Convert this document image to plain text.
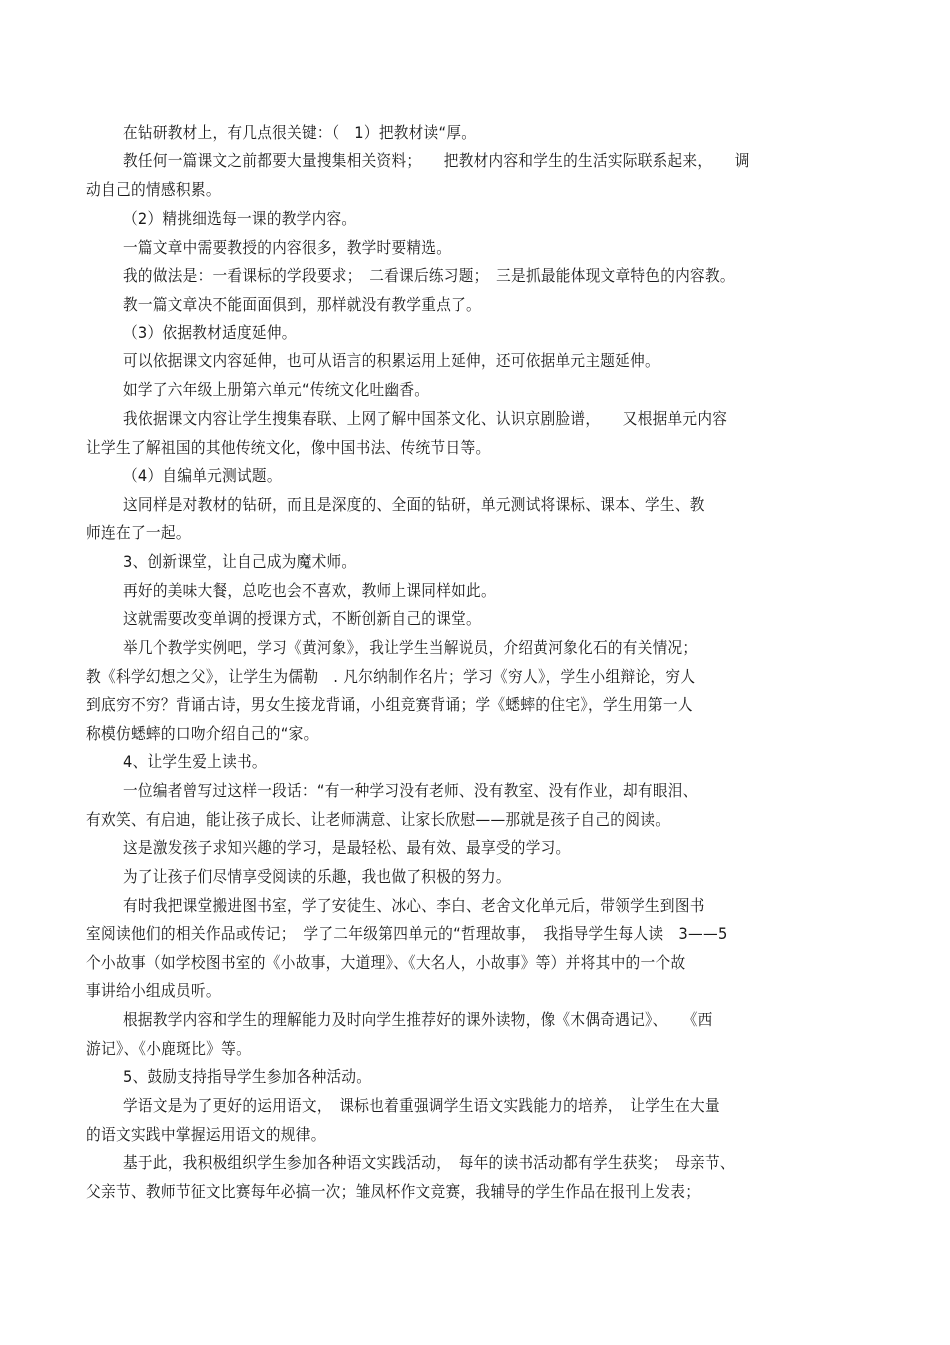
在钻研教材上，有几点很关键：（　1）把教材读“厚。
教任何一篇课文之前都要大量搜集相关资料；　　把教材内容和学生的生活实际联系起来，　　调
动自己的情感积累。
（2）精挑细选每一课的教学内容。
一篇文章中需要教授的内容很多，教学时要精选。
我的做法是：一看课标的学段要求；　二看课后练习题；　三是抓最能体现文章特色的内容教。
教一篇文章决不能面面俱到，那样就没有教学重点了。
（3）依据教材适度延伸。
可以依据课文内容延伸，也可从语言的积累运用上延伸，还可依据单元主题延伸。
如学了六年级上册第六单元“传统文化吐幽香。
我依据课文内容让学生搜集春联、上网了解中国茶文化、认识京剧脸谱，　　又根据单元内容
让学生了解祖国的其他传统文化，像中国书法、传统节日等。
（4）自编单元测试题。
这同样是对教材的钻研，而且是深度的、全面的钻研，单元测试将课标、课本、学生、教
师连在了一起。
3、创新课堂，让自己成为魔术师。
再好的美味大餐，总吃也会不喜欢，教师上课同样如此。
这就需要改变单调的授课方式，不断创新自己的课堂。
举几个教学实例吧，学习《黄河象》，我让学生当解说员，介绍黄河象化石的有关情况；
教《科学幻想之父》，让学生为儒勒　. 凡尔纳制作名片；学习《穷人》，学生小组辩论，穷人
到底穷不穷？背诵古诗，男女生接龙背诵，小组竞赛背诵；学《蟋蟀的住宅》，学生用第一人
称模仿蟋蟀的口吻介绍自己的“家。
4、让学生爱上读书。
一位编者曾写过这样一段话：“有一种学习没有老师、没有教室、没有作业，却有眼泪、
有欢笑、有启迪，能让孩子成长、让老师满意、让家长欣慰——那就是孩子自己的阅读。
这是激发孩子求知兴趣的学习，是最轻松、最有效、最享受的学习。
为了让孩子们尽情享受阅读的乐趣，我也做了积极的努力。
有时我把课堂搬进图书室，学了安徒生、冰心、李白、老舍文化单元后，带领学生到图书
室阅读他们的相关作品或传记；　学了二年级第四单元的“哲理故事，　我指导学生每人读　3——5
个小故事（如学校图书室的《小故事，大道理》、《大名人，小故事》等）并将其中的一个故
事讲给小组成员听。
根据教学内容和学生的理解能力及时向学生推荐好的课外读物，像《木偶奇遇记》、　　《西
游记》、《小鹿斑比》等。
5、鼓励支持指导学生参加各种活动。
学语文是为了更好的运用语文，　课标也着重强调学生语文实践能力的培养，　让学生在大量
的语文实践中掌握运用语文的规律。
基于此，我积极组织学生参加各种语文实践活动，　每年的读书活动都有学生获奖；　母亲节、
父亲节、教师节征文比赛每年必搞一次；雏凤杯作文竞赛，我辅导的学生作品在报刊上发表；
